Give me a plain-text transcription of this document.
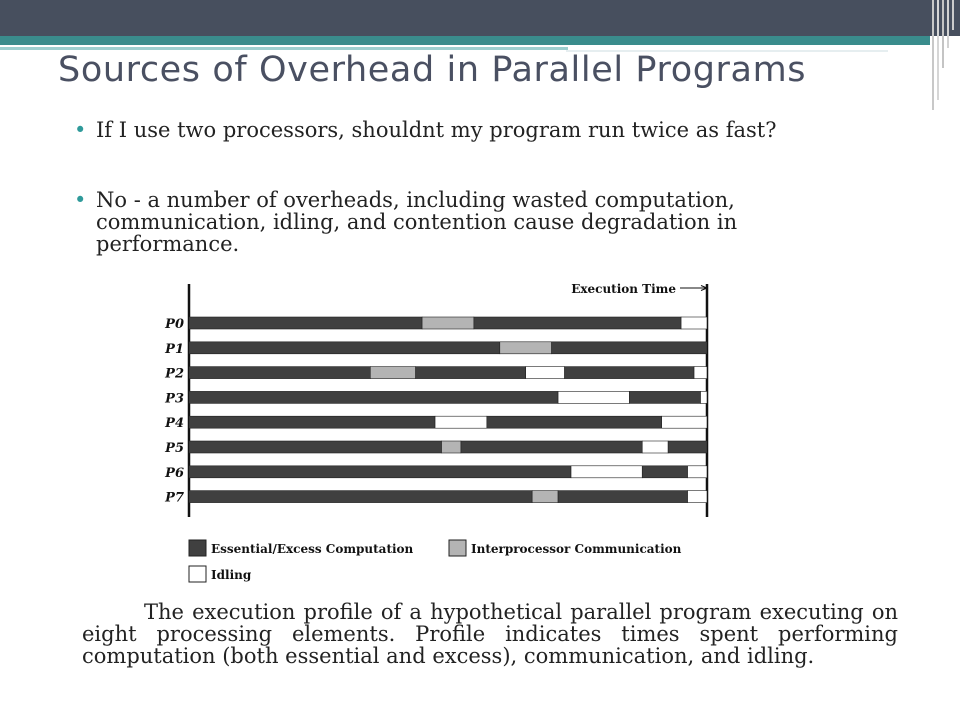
Sources of Overhead in Parallel Programs
• If I use two processors, shouldnt my program run twice as fast?
• No - a number of overheads, including wasted computation, communication, idling, and contention cause degradation in performance.
Execution Time
P0
P1
P2
P3
P4
P5
P6
P7
Essential/Excess Computation	Interprocessor Communication
Idling
The execution profile of a hypothetical parallel program executing on eight processing elements. Profile indicates times spent performing computation (both essential and excess), communication, and idling.
